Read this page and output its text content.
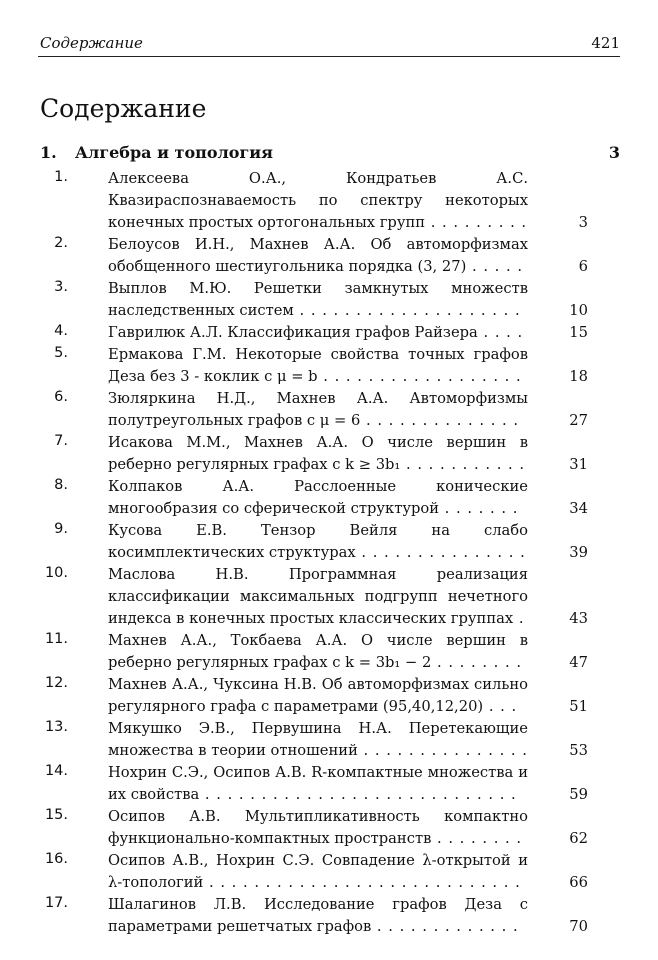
Содержание	421
Содержание
1. Алгебра и топология	3
1.	Алексеева О.А., Кондратьев А.С. Квазираспознаваемость по спектру некоторых конечных простых ортогональных групп . . . . . . . . .	3
2.	Белоусов И.Н., Махнев А.А. Об автоморфизмах обобщенного шестиугольника порядка (3, 27) . . . . .	6
3.	Выплов М.Ю. Решетки замкнутых множеств наследственных систем . . . . . . . . . . . . . . . . . . . .	10
4.	Гаврилюк А.Л. Классификация графов Райзера . . . .	15
5.	Ермакова Г.М. Некоторые свойства точных графов Деза без 3 - коклик с μ = b . . . . . . . . . . . . . . . . . .	18
6.	Зюляркина Н.Д., Махнев А.А. Автоморфизмы полутреугольных графов с μ = 6 . . . . . . . . . . . . . .	27
7.	Исакова М.М., Махнев А.А. О числе вершин в реберно регулярных графах с k ≥ 3b₁ . . . . . . . . . . .	31
8.	Колпаков А.А. Расслоенные конические многообразия со сферической структурой . . . . . . .	34
9.	Кусова Е.В. Тензор Вейля на слабо косимплектических структурах . . . . . . . . . . . . . . .	39
10.	Маслова Н.В. Программная реализация классификации максимальных подгрупп нечетного индекса в конечных простых классических группах .	43
11.	Махнев А.А., Токбаева А.А. О числе вершин в реберно регулярных графах с k = 3b₁ − 2 . . . . . . . .	47
12.	Махнев А.А., Чуксина Н.В. Об автоморфизмах сильно регулярного графа с параметрами (95,40,12,20) . . .	51
13.	Мякушко Э.В., Первушина Н.А. Перетекающие множества в теории отношений . . . . . . . . . . . . . . .	53
14.	Нохрин С.Э., Осипов А.В. R-компактные множества и их свойства . . . . . . . . . . . . . . . . . . . . . . . . . . . .	59
15.	Осипов А.В. Мультипликативность компактно функционально-компактных пространств . . . . . . . .	62
16.	Осипов А.В., Нохрин С.Э. Совпадение λ-открытой и λ-топологий . . . . . . . . . . . . . . . . . . . . . . . . . . . .	66
17.	Шалагинов Л.В. Исследование графов Деза с параметрами решетчатых графов . . . . . . . . . . . . .	70
